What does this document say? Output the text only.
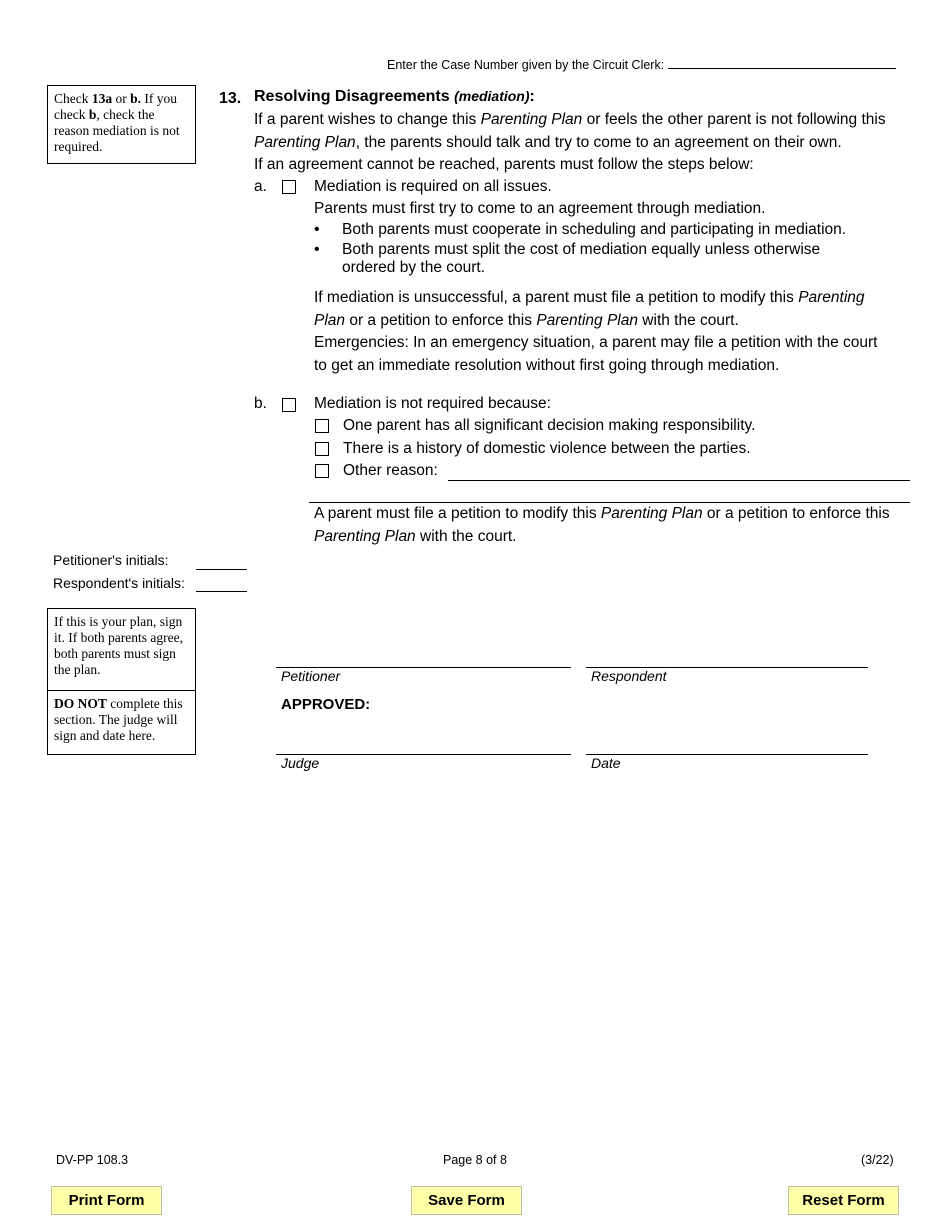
Enter the Case Number given by the Circuit Clerk:
Check 13a or b. If you check b, check the reason mediation is not required.
13. Resolving Disagreements (mediation):
If a parent wishes to change this Parenting Plan or feels the other parent is not following this
Parenting Plan, the parents should talk and try to come to an agreement on their own.
If an agreement cannot be reached, parents must follow the steps below:
a.	Mediation is required on all issues.
Parents must first try to come to an agreement through mediation.
• Both parents must cooperate in scheduling and participating in mediation.
• Both parents must split the cost of mediation equally unless otherwise ordered by the court.
If mediation is unsuccessful, a parent must file a petition to modify this Parenting Plan or a petition to enforce this Parenting Plan with the court.
Emergencies: In an emergency situation, a parent may file a petition with the court to get an immediate resolution without first going through mediation.
b.	Mediation is not required because:
One parent has all significant decision making responsibility.
There is a history of domestic violence between the parties.
Other reason:
A parent must file a petition to modify this Parenting Plan or a petition to enforce this
Parenting Plan with the court.
Petitioner's initials:
Respondent's initials:
If this is your plan, sign it. If both parents agree, both parents must sign the plan.
DO NOT complete this section. The judge will sign and date here.
Petitioner	Respondent
APPROVED:
Judge	Date
DV-PP 108.3	Page 8 of 8	(3/22)
Print Form	Save Form	Reset Form
